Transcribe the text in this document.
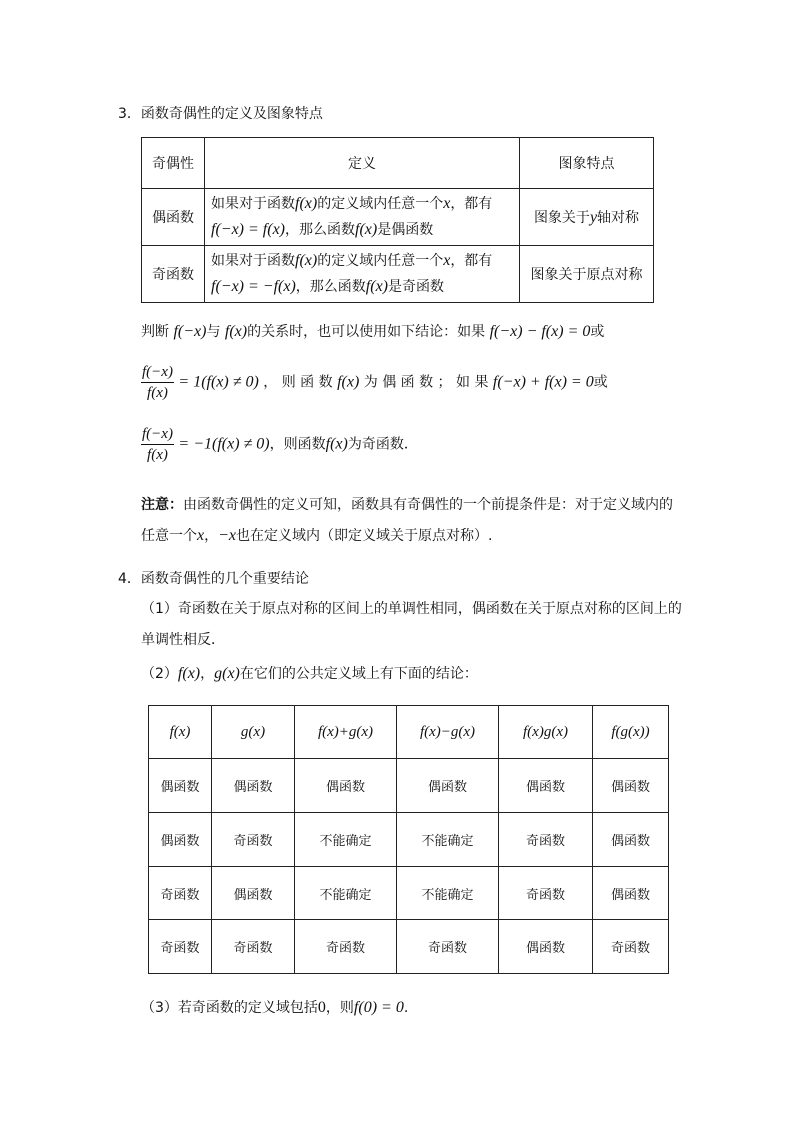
3．函数奇偶性的定义及图象特点
奇偶性	定义	图象特点
偶函数	如果对于函数f(x)的定义域内任意一个x，都有
f(−x) = f(x)，那么函数f(x)是偶函数	图象关于y轴对称
奇函数	如果对于函数f(x)的定义域内任意一个x，都有
f(−x) = −f(x)，那么函数f(x)是奇函数	图象关于原点对称
判断 f(−x)与 f(x)的关系时，也可以使用如下结论：如果 f(−x) − f(x) = 0或
$\frac{f(-x)}{f(x)} = 1(f(x) \ne 0)$ ， 则 函 数 f(x) 为 偶 函 数 ； 如 果 f(−x) + f(x) = 0或
$\frac{f(-x)}{f(x)} = -1(f(x) \ne 0)$，则函数f(x)为奇函数．
注意：由函数奇偶性的定义可知，函数具有奇偶性的一个前提条件是：对于定义域内的
任意一个x，−x也在定义域内（即定义域关于原点对称）.
4．函数奇偶性的几个重要结论
（1）奇函数在关于原点对称的区间上的单调性相同，偶函数在关于原点对称的区间上的
单调性相反．
（2）f(x)，g(x)在它们的公共定义域上有下面的结论：
f(x)	g(x)	f(x)+g(x)	f(x)−g(x)	f(x)g(x)	f(g(x))
偶函数	偶函数	偶函数	偶函数	偶函数	偶函数
偶函数	奇函数	不能确定	不能确定	奇函数	偶函数
奇函数	偶函数	不能确定	不能确定	奇函数	偶函数
奇函数	奇函数	奇函数	奇函数	偶函数	奇函数
（3）若奇函数的定义域包括0，则f(0) = 0.
